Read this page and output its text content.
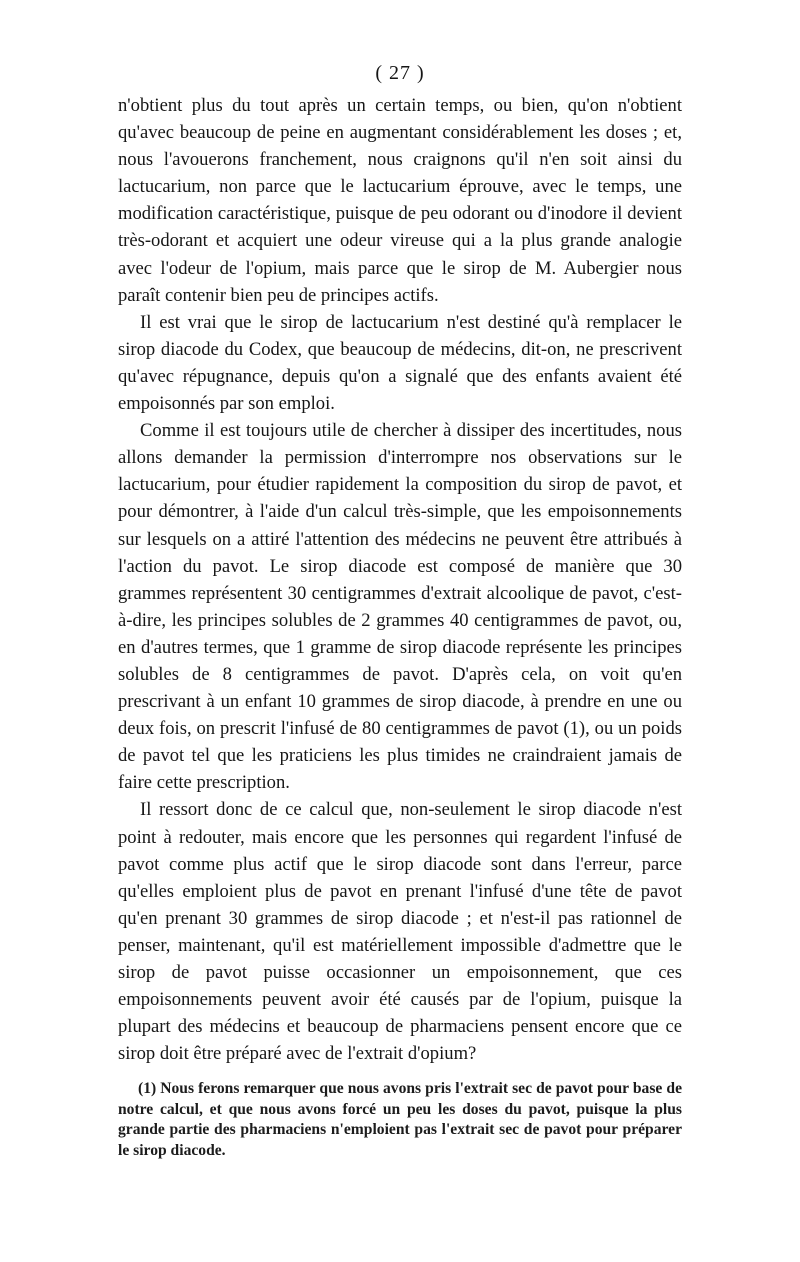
( 27 )

n'obtient plus du tout après un certain temps, ou bien, qu'on n'obtient qu'avec beaucoup de peine en augmentant considérablement les doses ; et, nous l'avouerons franchement, nous craignons qu'il n'en soit ainsi du lactucarium, non parce que le lactucarium éprouve, avec le temps, une modification caractéristique, puisque de peu odorant ou d'inodore il devient très-odorant et acquiert une odeur vireuse qui a la plus grande analogie avec l'odeur de l'opium, mais parce que le sirop de M. Aubergier nous paraît contenir bien peu de principes actifs.

Il est vrai que le sirop de lactucarium n'est destiné qu'à remplacer le sirop diacode du Codex, que beaucoup de médecins, dit-on, ne prescrivent qu'avec répugnance, depuis qu'on a signalé que des enfants avaient été empoisonnés par son emploi.

Comme il est toujours utile de chercher à dissiper des incertitudes, nous allons demander la permission d'interrompre nos observations sur le lactucarium, pour étudier rapidement la composition du sirop de pavot, et pour démontrer, à l'aide d'un calcul très-simple, que les empoisonnements sur lesquels on a attiré l'attention des médecins ne peuvent être attribués à l'action du pavot. Le sirop diacode est composé de manière que 30 grammes représentent 30 centigrammes d'extrait alcoolique de pavot, c'est-à-dire, les principes solubles de 2 grammes 40 centigrammes de pavot, ou, en d'autres termes, que 1 gramme de sirop diacode représente les principes solubles de 8 centigrammes de pavot. D'après cela, on voit qu'en prescrivant à un enfant 10 grammes de sirop diacode, à prendre en une ou deux fois, on prescrit l'infusé de 80 centigrammes de pavot (1), ou un poids de pavot tel que les praticiens les plus timides ne craindraient jamais de faire cette prescription.

Il ressort donc de ce calcul que, non-seulement le sirop diacode n'est point à redouter, mais encore que les personnes qui regardent l'infusé de pavot comme plus actif que le sirop diacode sont dans l'erreur, parce qu'elles emploient plus de pavot en prenant l'infusé d'une tête de pavot qu'en prenant 30 grammes de sirop diacode ; et n'est-il pas rationnel de penser, maintenant, qu'il est matériellement impossible d'admettre que le sirop de pavot puisse occasionner un empoisonnement, que ces empoisonnements peuvent avoir été causés par de l'opium, puisque la plupart des médecins et beaucoup de pharmaciens pensent encore que ce sirop doit être préparé avec de l'extrait d'opium?

(1) Nous ferons remarquer que nous avons pris l'extrait sec de pavot pour base de notre calcul, et que nous avons forcé un peu les doses du pavot, puisque la plus grande partie des pharmaciens n'emploient pas l'extrait sec de pavot pour préparer le sirop diacode.
